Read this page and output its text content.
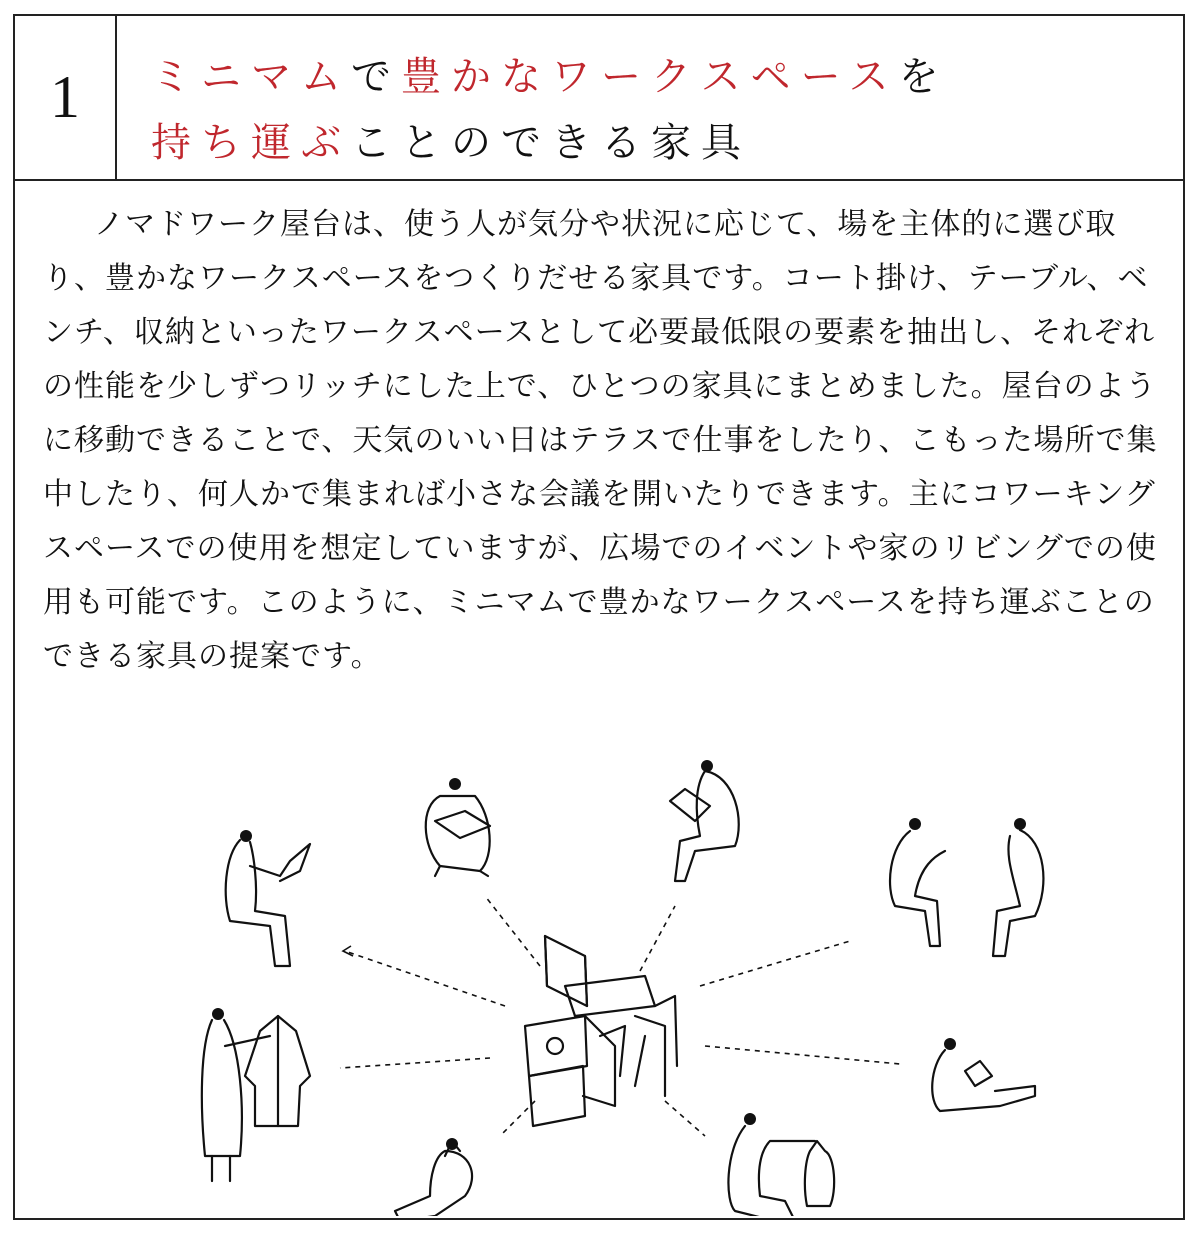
1	ミニマムで豊かなワークスペースを
持ち運ぶことのできる家具

ノマドワーク屋台は、使う人が気分や状況に応じて、場を主体的に選び取り、豊かなワークスペースをつくりだせる家具です。コート掛け、テーブル、ベンチ、収納といったワークスペースとして必要最低限の要素を抽出し、それぞれの性能を少しずつリッチにした上で、ひとつの家具にまとめました。屋台のように移動できることで、天気のいい日はテラスで仕事をしたり、こもった場所で集中したり、何人かで集まれば小さな会議を開いたりできます。主にコワーキングスペースでの使用を想定していますが、広場でのイベントや家のリビングでの使用も可能です。このように、ミニマムで豊かなワークスペースを持ち運ぶことのできる家具の提案です。
